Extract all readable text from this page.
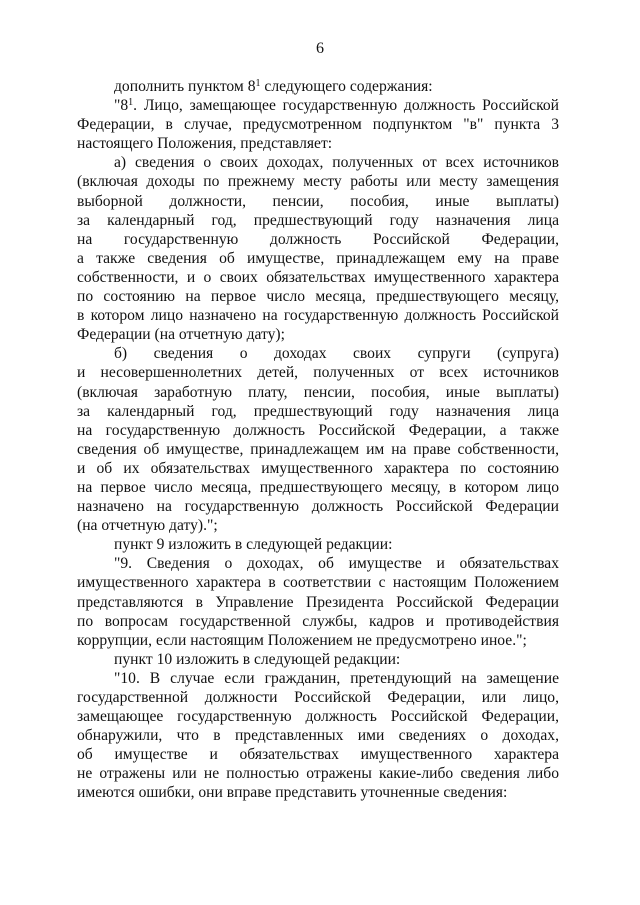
6
дополнить пунктом $8^1$ следующего содержания:
"$8^1$. Лицо, замещающее государственную должность Российской
Федерации, в случае, предусмотренном подпунктом "в" пункта 3
настоящего Положения, представляет:
а) сведения о своих доходах, полученных от всех источников
(включая доходы по прежнему месту работы или месту замещения
выборной должности, пенсии, пособия, иные выплаты)
за календарный год, предшествующий году назначения лица
на государственную должность Российской Федерации,
а также сведения об имуществе, принадлежащем ему на праве
собственности, и о своих обязательствах имущественного характера
по состоянию на первое число месяца, предшествующего месяцу,
в котором лицо назначено на государственную должность Российской
Федерации (на отчетную дату);
б) сведения о доходах своих супруги (супруга)
и несовершеннолетних детей, полученных от всех источников
(включая заработную плату, пенсии, пособия, иные выплаты)
за календарный год, предшествующий году назначения лица
на государственную должность Российской Федерации, а также
сведения об имуществе, принадлежащем им на праве собственности,
и об их обязательствах имущественного характера по состоянию
на первое число месяца, предшествующего месяцу, в котором лицо
назначено на государственную должность Российской Федерации
(на отчетную дату).";
пункт 9 изложить в следующей редакции:
"9. Сведения о доходах, об имуществе и обязательствах
имущественного характера в соответствии с настоящим Положением
представляются в Управление Президента Российской Федерации
по вопросам государственной службы, кадров и противодействия
коррупции, если настоящим Положением не предусмотрено иное.";
пункт 10 изложить в следующей редакции:
"10. В случае если гражданин, претендующий на замещение
государственной должности Российской Федерации, или лицо,
замещающее государственную должность Российской Федерации,
обнаружили, что в представленных ими сведениях о доходах,
об имуществе и обязательствах имущественного характера
не отражены или не полностью отражены какие-либо сведения либо
имеются ошибки, они вправе представить уточненные сведения:
